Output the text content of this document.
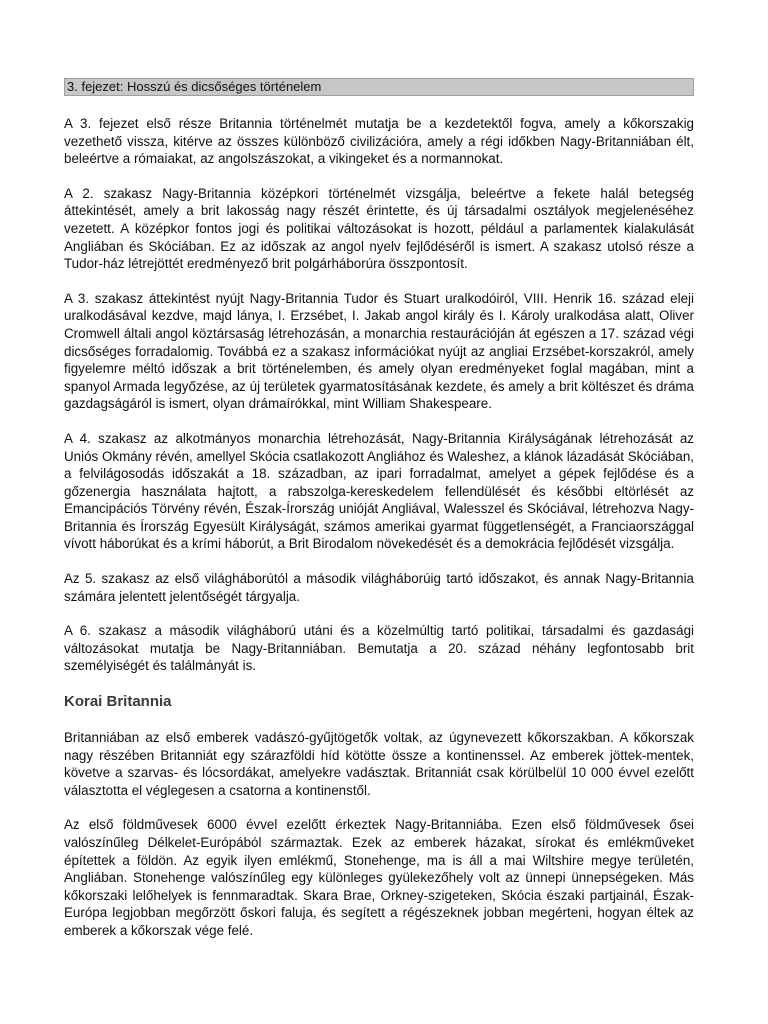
3. fejezet: Hosszú és dicsőséges történelem

A 3. fejezet első része Britannia történelmét mutatja be a kezdetektől fogva, amely a kőkorszakig vezethető vissza, kitérve az összes különböző civilizációra, amely a régi időkben Nagy-Britanniában élt, beleértve a rómaiakat, az angolszászokat, a vikingeket és a normannokat.

A 2. szakasz Nagy-Britannia középkori történelmét vizsgálja, beleértve a fekete halál betegség áttekintését, amely a brit lakosság nagy részét érintette, és új társadalmi osztályok megjelenéséhez vezetett. A középkor fontos jogi és politikai változásokat is hozott, például a parlamentek kialakulását Angliában és Skóciában. Ez az időszak az angol nyelv fejlődéséről is ismert. A szakasz utolsó része a Tudor-ház létrejöttét eredményező brit polgárháborúra összpontosít.

A 3. szakasz áttekintést nyújt Nagy-Britannia Tudor és Stuart uralkodóiról, VIII. Henrik 16. század eleji uralkodásával kezdve, majd lánya, I. Erzsébet, I. Jakab angol király és I. Károly uralkodása alatt, Oliver Cromwell általi angol köztársaság létrehozásán, a monarchia restaurációján át egészen a 17. század végi dicsőséges forradalomig. Továbbá ez a szakasz információkat nyújt az angliai Erzsébet-korszakról, amely figyelemre méltó időszak a brit történelemben, és amely olyan eredményeket foglal magában, mint a spanyol Armada legyőzése, az új területek gyarmatosításának kezdete, és amely a brit költészet és dráma gazdagságáról is ismert, olyan drámaírókkal, mint William Shakespeare.

A 4. szakasz az alkotmányos monarchia létrehozását, Nagy-Britannia Királyságának létrehozását az Uniós Okmány révén, amellyel Skócia csatlakozott Angliához és Waleshez, a klánok lázadását Skóciában, a felvilágosodás időszakát a 18. században, az ipari forradalmat, amelyet a gépek fejlődése és a gőzenergia használata hajtott, a rabszolga-kereskedelem fellendülését és későbbi eltörlését az Emancipációs Törvény révén, Észak-Írország unióját Angliával, Walesszel és Skóciával, létrehozva Nagy-Britannia és Írország Egyesült Királyságát, számos amerikai gyarmat függetlenségét, a Franciaországgal vívott háborúkat és a krími háborút, a Brit Birodalom növekedését és a demokrácia fejlődését vizsgálja.

Az 5. szakasz az első világháborútól a második világháborúig tartó időszakot, és annak Nagy-Britannia számára jelentett jelentőségét tárgyalja.

A 6. szakasz a második világháború utáni és a közelmúltig tartó politikai, társadalmi és gazdasági változásokat mutatja be Nagy-Britanniában. Bemutatja a 20. század néhány legfontosabb brit személyiségét és találmányát is.

Korai Britannia

Britanniában az első emberek vadászó-gyűjtögetők voltak, az úgynevezett kőkorszakban. A kőkorszak nagy részében Britanniát egy szárazföldi híd kötötte össze a kontinenssel. Az emberek jöttek-mentek, követve a szarvas- és lócsordákat, amelyekre vadásztak. Britanniát csak körülbelül 10 000 évvel ezelőtt választotta el véglegesen a csatorna a kontinenstől.

Az első földművesek 6000 évvel ezelőtt érkeztek Nagy-Britanniába. Ezen első földművesek ősei valószínűleg Délkelet-Európából származtak. Ezek az emberek házakat, sírokat és emlékműveket építettek a földön. Az egyik ilyen emlékmű, Stonehenge, ma is áll a mai Wiltshire megye területén, Angliában. Stonehenge valószínűleg egy különleges gyülekezőhely volt az ünnepi ünnepségeken. Más kőkorszaki lelőhelyek is fennmaradtak. Skara Brae, Orkney-szigeteken, Skócia északi partjainál, Észak-Európa legjobban megőrzött őskori faluja, és segített a régészeknek jobban megérteni, hogyan éltek az emberek a kőkorszak vége felé.
